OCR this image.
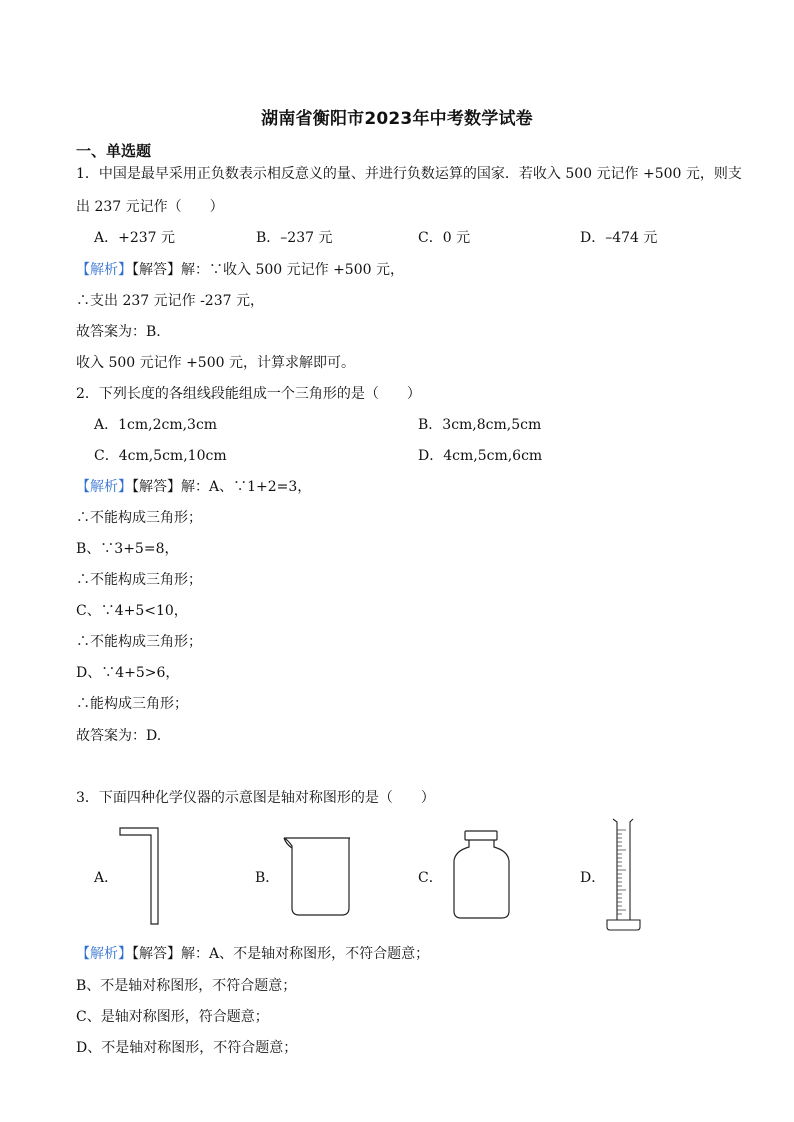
湖南省衡阳市2023年中考数学试卷
一、单选题
1．中国是最早采用正负数表示相反意义的量、并进行负数运算的国家．若收入 500 元记作 +500 元，则支
出 237 元记作（　　）
A．+237 元	B．–237 元	C．0 元	D．–474 元
【解析】【解答】解：∵收入 500 元记作 +500 元，
∴支出 237 元记作 -237 元，
故答案为：B.
收入 500 元记作 +500 元，计算求解即可。
2．下列长度的各组线段能组成一个三角形的是（　　）
A．1cm,2cm,3cm	B．3cm,8cm,5cm
C．4cm,5cm,10cm	D．4cm,5cm,6cm
【解析】【解答】解：A、∵1+2=3，
∴不能构成三角形；
B、∵3+5=8，
∴不能构成三角形；
C、∵4+5<10，
∴不能构成三角形；
D、∵4+5>6，
∴能构成三角形；
故答案为：D.
3．下面四种化学仪器的示意图是轴对称图形的是（　　）
A．	B．	C．	D．
【解析】【解答】解：A、不是轴对称图形，不符合题意；
B、不是轴对称图形，不符合题意；
C、是轴对称图形，符合题意；
D、不是轴对称图形，不符合题意；
